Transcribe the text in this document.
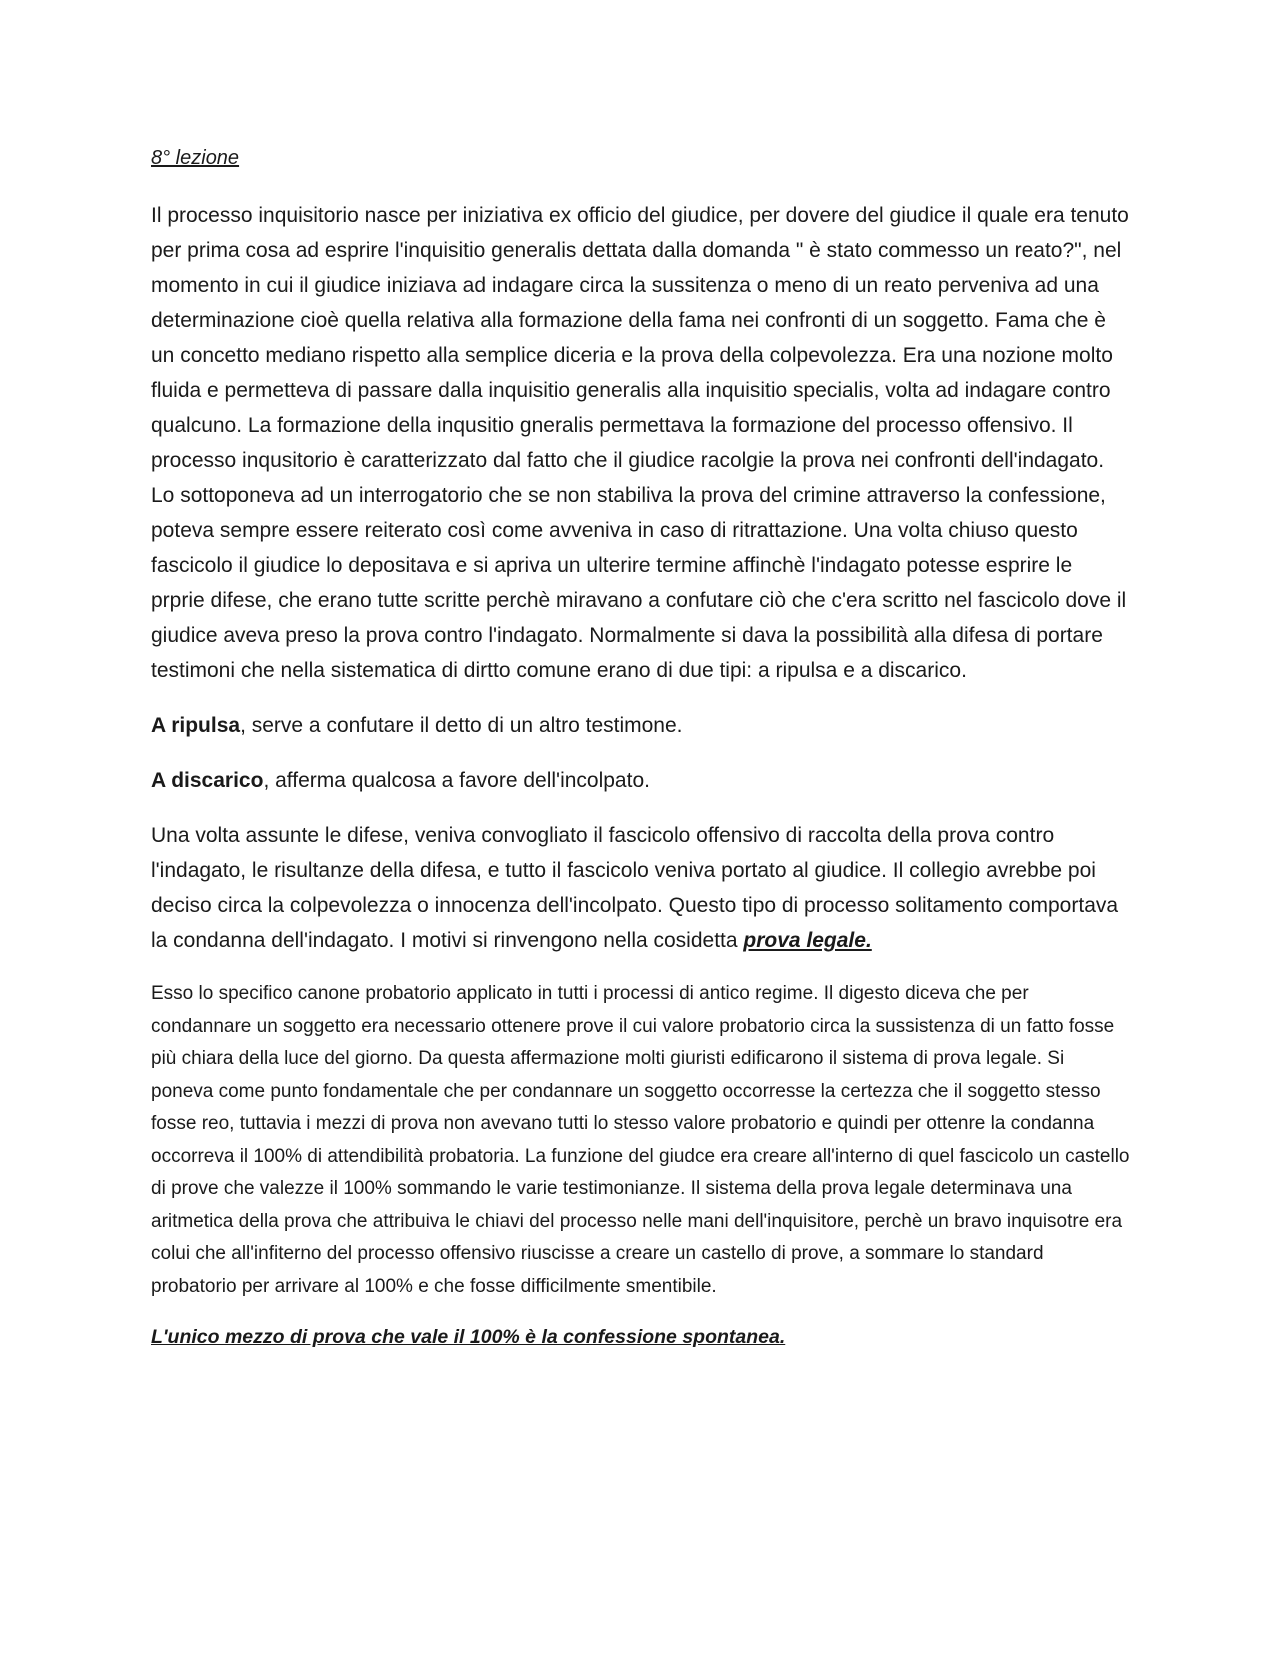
8° lezione

Il processo inquisitorio nasce per iniziativa ex officio del giudice, per dovere del giudice il quale era tenuto per prima cosa ad esprire l'inquisitio generalis dettata dalla domanda " è stato commesso un reato?", nel momento in cui il giudice iniziava ad indagare circa la sussitenza o meno di un reato perveniva ad una determinazione cioè quella relativa alla formazione della fama nei confronti di un soggetto. Fama che è un concetto mediano rispetto alla semplice diceria e la prova della colpevolezza. Era una nozione molto fluida e permetteva di passare dalla inquisitio generalis alla inquisitio specialis, volta ad indagare contro qualcuno. La formazione della inqusitio gneralis permettava la formazione del processo offensivo. Il processo inqusitorio è caratterizzato dal fatto che il giudice racolgie la prova nei confronti dell'indagato. Lo sottoponeva ad un interrogatorio che se non stabiliva la prova del crimine attraverso la confessione, poteva sempre essere reiterato così come avveniva in caso di ritrattazione. Una volta chiuso questo fascicolo il giudice lo depositava e si apriva un ulterire termine affinchè l'indagato potesse esprire le prprie difese, che erano tutte scritte perchè miravano a confutare ciò che c'era scritto nel fascicolo dove il giudice aveva preso la prova contro l'indagato. Normalmente si dava la possibilità alla difesa di portare testimoni che nella sistematica di dirtto comune erano di due tipi: a ripulsa e a discarico.

A ripulsa, serve a confutare il detto di un altro testimone.

A discarico, afferma qualcosa a favore dell'incolpato.

Una volta assunte le difese, veniva convogliato il fascicolo offensivo di raccolta della prova contro l'indagato, le risultanze della difesa, e tutto il fascicolo veniva portato al giudice. Il collegio avrebbe poi deciso circa la colpevolezza o innocenza dell'incolpato. Questo tipo di processo solitamento comportava la condanna dell'indagato. I motivi si rinvengono nella cosidetta prova legale.

Esso lo specifico canone probatorio applicato in tutti i processi di antico regime. Il digesto diceva che per condannare un soggetto era necessario ottenere prove il cui valore probatorio circa la sussistenza di un fatto fosse più chiara della luce del giorno. Da questa affermazione molti giuristi edificarono il sistema di prova legale. Si poneva come punto fondamentale che per condannare un soggetto occorresse la certezza che il soggetto stesso fosse reo, tuttavia i mezzi di prova non avevano tutti lo stesso valore probatorio e quindi per ottenre la condanna occorreva il 100% di attendibilità probatoria. La funzione del giudce era creare all'interno di quel fascicolo un castello di prove che valezze il 100% sommando le varie testimonianze. Il sistema della prova legale determinava una aritmetica della prova che attribuiva le chiavi del processo nelle mani dell'inquisitore, perchè un bravo inquisotre era colui che all'infiterno del processo offensivo riuscisse a creare un castello di prove, a sommare lo standard probatorio per arrivare al 100% e che fosse difficilmente smentibile.

L'unico mezzo di prova che vale il 100% è la confessione spontanea.
